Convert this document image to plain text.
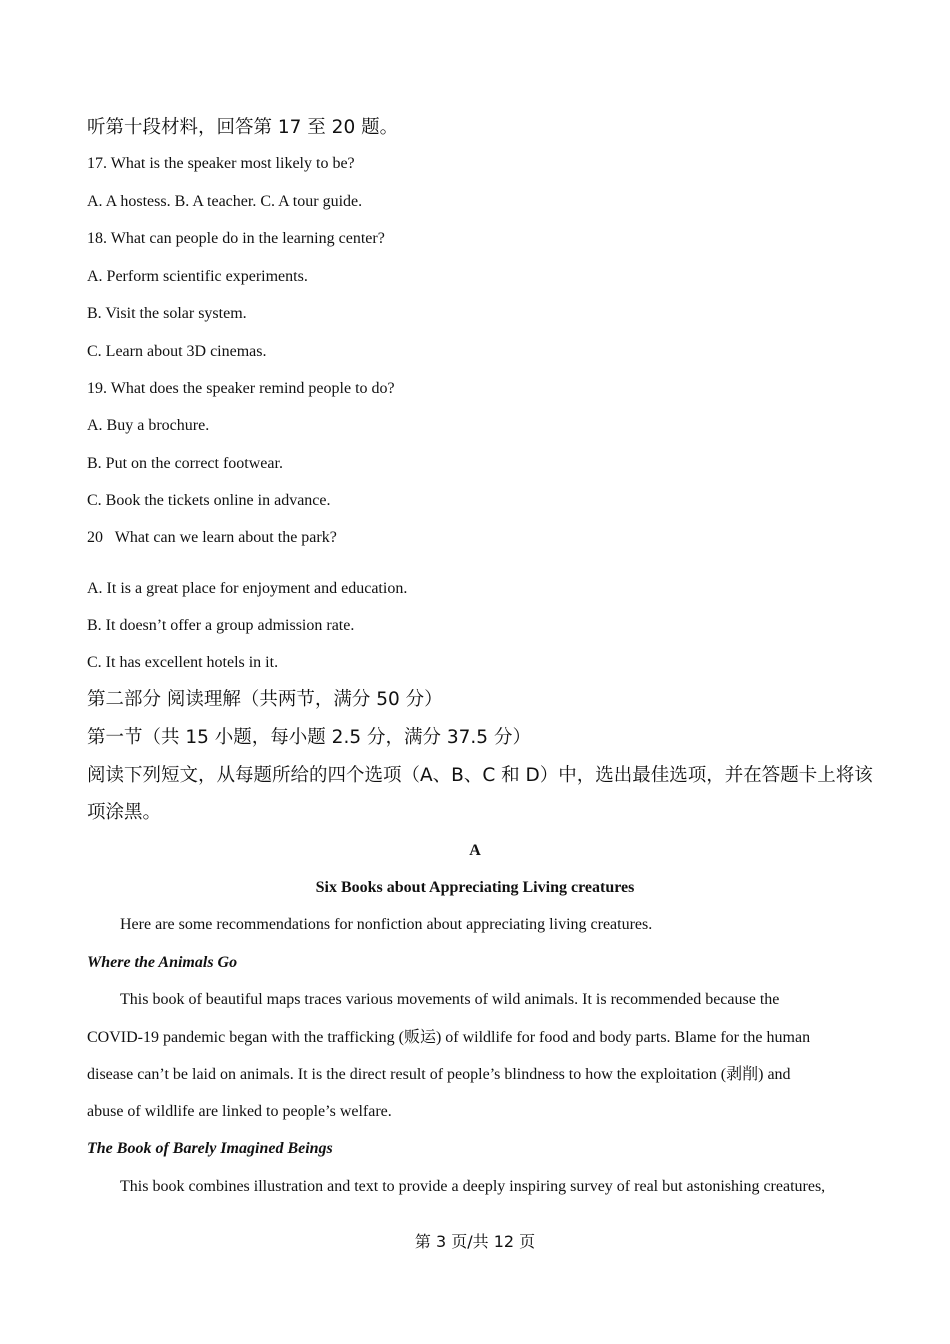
听第十段材料，回答第 17 至 20 题。
17. What is the speaker most likely to be?
A. A hostess. B. A teacher. C. A tour guide.
18. What can people do in the learning center?
A. Perform scientific experiments.
B. Visit the solar system.
C. Learn about 3D cinemas.
19. What does the speaker remind people to do?
A. Buy a brochure.
B. Put on the correct footwear.
C. Book the tickets online in advance.
20   What can we learn about the park?
A. It is a great place for enjoyment and education.
B. It doesn’t offer a group admission rate.
C. It has excellent hotels in it.
第二部分 阅读理解（共两节，满分 50 分）
第一节（共 15 小题，每小题 2.5 分，满分 37.5 分）
阅读下列短文，从每题所给的四个选项（A、B、C 和 D）中，选出最佳选项，并在答题卡上将该项涂黑。
A
Six Books about Appreciating Living creatures
Here are some recommendations for nonfiction about appreciating living creatures.
Where the Animals Go
This book of beautiful maps traces various movements of wild animals. It is recommended because the
COVID-19 pandemic began with the trafficking (贩运) of wildlife for food and body parts. Blame for the human
disease can’t be laid on animals. It is the direct result of people’s blindness to how the exploitation (剥削) and
abuse of wildlife are linked to people’s welfare.
The Book of Barely Imagined Beings
This book combines illustration and text to provide a deeply inspiring survey of real but astonishing creatures,
第 3 页/共 12 页
